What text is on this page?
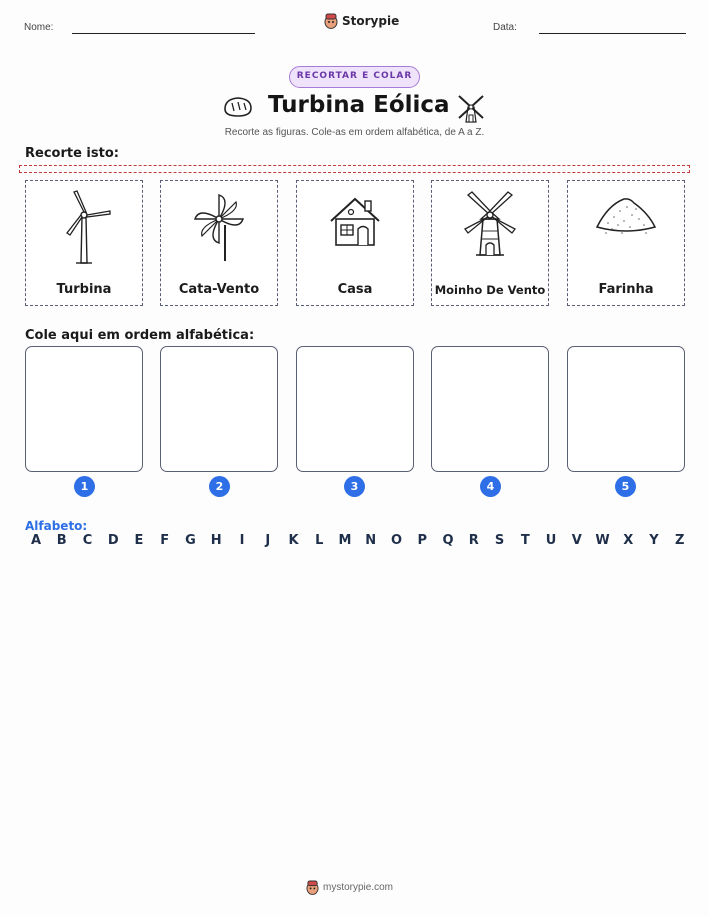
Nome:	Storypie	Data:
RECORTAR E COLAR
Turbina Eólica
Recorte as figuras. Cole-as em ordem alfabética, de A a Z.
Recorte isto:
Turbina	Cata-Vento	Casa	Moinho De Vento	Farinha
Cole aqui em ordem alfabética:
1	2	3	4	5
Alfabeto:
A B C D E F G H	I	J	K L M N O P Q R S T U V W X Y Z
mystorypie.com
